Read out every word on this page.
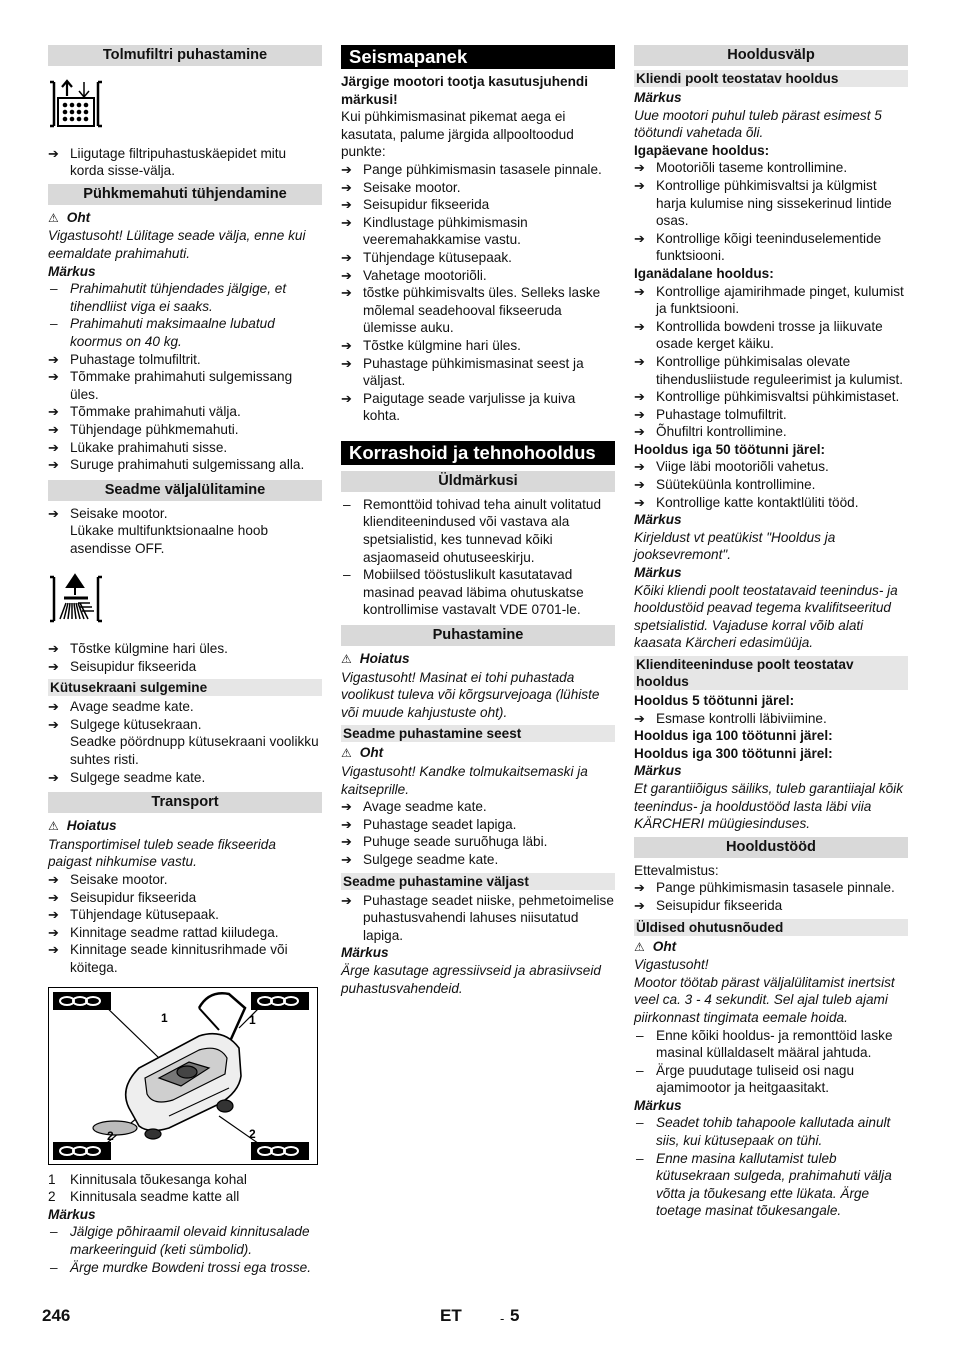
Tolmufiltri puhastamine
➔ Liigutage filtripuhastuskäepidet mitu korda sisse-välja.
Pühkmemahuti tühjendamine

⚠ Oht

Vigastusoht! Lülitage seade välja, enne kui eemaldate prahimahuti.

Märkus

– Prahimahutit tühjendades jälgige, et tihendliist viga ei saaks.
– Prahimahuti maksimaalne lubatud koormus on 40 kg.
➔ Puhastage tolmufiltrit.
➔ Tõmmake prahimahuti sulgemissang üles.
➔ Tõmmake prahimahuti välja.
➔ Tühjendage pühkmemahuti.
➔ Lükake prahimahuti sisse.
➔ Suruge prahimahuti sulgemissang alla.
Seadme väljalülitamine
➔ Seisake mootor.
Lükake multifunktsionaalne hoob asendisse OFF.
➔ Tõstke külgmine hari üles.
➔ Seisupidur fikseerida
Kütusekraani sulgemine
➔ Avage seadme kate.
➔ Sulgege kütusekraan.
Seadke pöördnupp kütusekraani voolikku suhtes risti.
➔ Sulgege seadme kate.
Transport

⚠ Hoiatus

Transportimisel tuleb seade fikseerida paigast nihkumise vastu.

➔ Seisake mootor.
➔ Seisupidur fikseerida
➔ Tühjendage kütusepaak.
➔ Kinnitage seadme rattad kiiludega.
➔ Kinnitage seade kinnitusrihmade või köitega.
1	1
2	2
1 Kinnitusala tõukesanga kohal
2 Kinnitusala seadme katte all

Märkus

– Jälgige põhiraamil olevaid kinnitusalade markeeringuid (keti sümbolid).
– Ärge murdke Bowdeni trossi ega trosse.
Seismapanek

Järgige mootori tootja kasutusjuhendi märkusi!

Kui pühkimismasinat pikemat aega ei kasutata, palume järgida allpooltoodud punkte:

➔ Pange pühkimismasin tasasele pinnale.
➔ Seisake mootor.
➔ Seisupidur fikseerida
➔ Kindlustage pühkimismasin veeremahakkamise vastu.
➔ Tühjendage kütusepaak.
➔ Vahetage mootoriõli.
➔ tõstke pühkimisvalts üles. Selleks laske mõlemal seadehooval fikseeruda ülemisse auku.
➔ Tõstke külgmine hari üles.
➔ Puhastage pühkimismasinat seest ja väljast.
➔ Paigutage seade varjulisse ja kuiva kohta.
Korrashoid ja tehnohooldus
Üldmärkusi
– Remonttöid tohivad teha ainult volitatud klienditeenindused või vastava ala spetsialistid, kes tunnevad kõiki asjaomaseid ohutuseeskirju.
– Mobiilsed tööstuslikult kasutatavad masinad peavad läbima ohutuskatse kontrollimise vastavalt VDE 0701-le.
Puhastamine

⚠ Hoiatus

Vigastusoht! Masinat ei tohi puhastada voolikust tuleva või kõrgsurvejoaga (lühiste või muude kahjustuste oht).

Seadme puhastamine seest

⚠ Oht

Vigastusoht! Kandke tolmukaitsemaski ja kaitseprille.

➔ Avage seadme kate.
➔ Puhastage seadet lapiga.
➔ Puhuge seade suruõhuga läbi.
➔ Sulgege seadme kate.
Seadme puhastamine väljast
➔ Puhastage seadet niiske, pehmetoimelise puhastusvahendi lahuses niisutatud lapiga.

Märkus

Ärge kasutage agressiivseid ja abrasiivseid puhastusvahendeid.

Hooldusvälp
Kliendi poolt teostatav hooldus

Märkus

Uue mootori puhul tuleb pärast esimest 5 töötundi vahetada õli.

Igapäevane hooldus:

➔ Mootoriõli taseme kontrollimine.
➔ Kontrollige pühkimisvaltsi ja külgmist harja kulumise ning sissekerinud lintide osas.
➔ Kontrollige kõigi teeninduselementide funktsiooni.

Iganädalane hooldus:

➔ Kontrollige ajamirihmade pinget, kulumist ja funktsiooni.
➔ Kontrollida bowdeni trosse ja liikuvate osade kerget käiku.
➔ Kontrollige pühkimisalas olevate tihendusliistude reguleerimist ja kulumist.
➔ Kontrollige pühkimisvaltsi pühkimistaset.
➔ Puhastage tolmufiltrit.
➔ Õhufiltri kontrollimine.

Hooldus iga 50 töötunni järel:

➔ Viige läbi mootoriõli vahetus.
➔ Süüteküünla kontrollimine.
➔ Kontrollige katte kontaktlüliti tööd.

Märkus

Kirjeldust vt peatükist "Hooldus ja jooksevremont".

Märkus

Kõiki kliendi poolt teostatavaid teenindus- ja hooldustöid peavad tegema kvalifitseeritud spetsialistid. Vajaduse korral võib alati kaasata Kärcheri edasimüüja.

Klienditeeninduse poolt teostatav hooldus

Hooldus 5 töötunni järel:

➔ Esmase kontrolli läbiviimine.

Hooldus iga 100 töötunni järel:

Hooldus iga 300 töötunni järel:

Märkus

Et garantiiõigus säiliks, tuleb garantiiajal kõik teenindus- ja hooldustööd lasta läbi viia KÄRCHERI müügiesinduses.

Hooldustööd

Ettevalmistus:

➔ Pange pühkimismasin tasasele pinnale.
➔ Seisupidur fikseerida
Üldised ohutusnõuded

⚠ Oht

Vigastusoht!

Mootor töötab pärast väljalülitamist inertsist veel ca. 3 - 4 sekundit. Sel ajal tuleb ajami piirkonnast tingimata eemale hoida.

– Enne kõiki hooldus- ja remonttöid laske masinal küllaldaselt määral jahtuda.
– Ärge puudutage tuliseid osi nagu ajamimootor ja heitgaasitakt.

Märkus

– Seadet tohib tahapoole kallutada ainult siis, kui kütusepaak on tühi.
– Enne masina kallutamist tuleb kütusekraan sulgeda, prahimahuti välja võtta ja tõukesang ette lükata. Ärge toetage masinat tõukesangale.
246	ET	- 5
